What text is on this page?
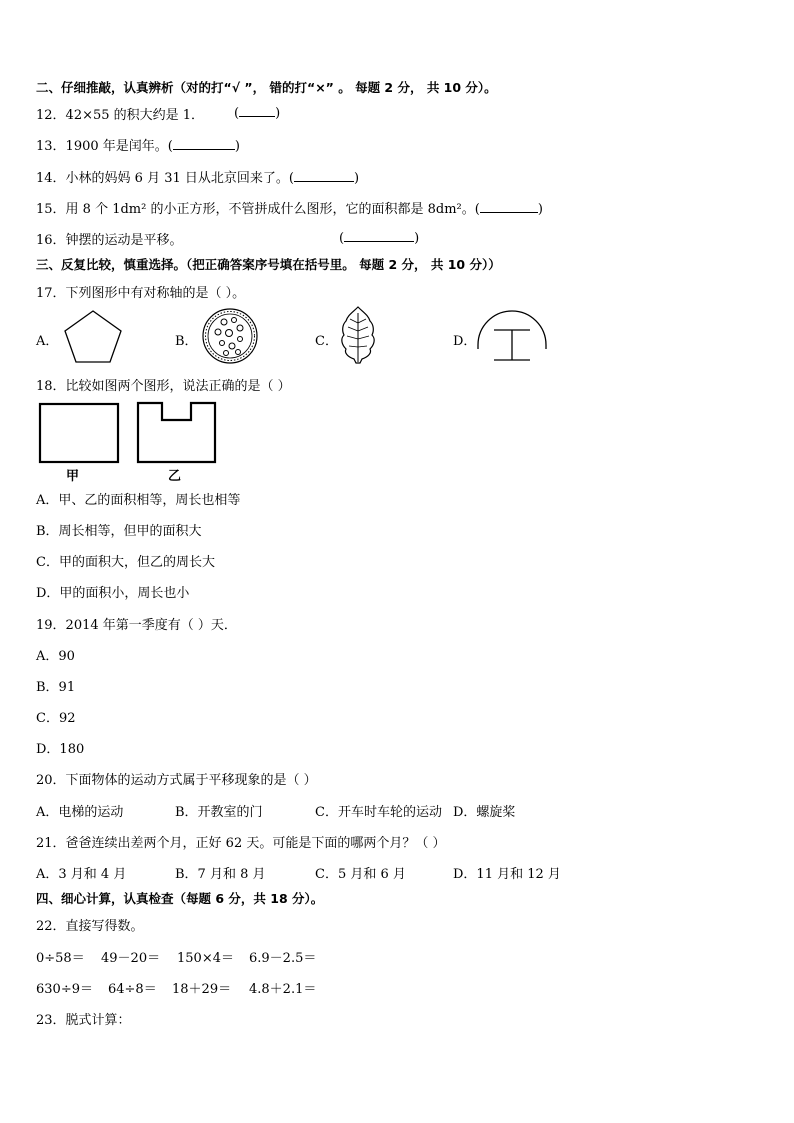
二、仔细推敲，认真辨析（对的打“√ ”， 错的打“×” 。 每题 2 分， 共 10 分）。
12．42×55 的积大约是 1． (	)
13．1900 年是闰年。(	)
14．小林的妈妈 6 月 31 日从北京回来了。(	)
15．用 8 个 1dm² 的小正方形，不管拼成什么图形，它的面积都是 8dm²。(	)
16．钟摆的运动是平移。	(	)
三、反复比较，慎重选择。（把正确答案序号填在括号里。 每题 2 分， 共 10 分））
17．下列图形中有对称轴的是（ ）。
A．	B．	C．	D．
18．比较如图两个图形，说法正确的是（ ）
甲	乙
A．甲、乙的面积相等，周长也相等
B．周长相等，但甲的面积大
C．甲的面积大，但乙的周长大
D．甲的面积小，周长也小
19．2014 年第一季度有（ ）天．
A．90
B．91
C．92
D．180
20．下面物体的运动方式属于平移现象的是（ ）
A．电梯的运动	B．开教室的门	C．开车时车轮的运动 D．螺旋桨
21．爸爸连续出差两个月，正好 62 天。可能是下面的哪两个月？（ ）
A．3 月和 4 月	B．7 月和 8 月	C．5 月和 6 月	D．11 月和 12 月
四、细心计算，认真检查（每题 6 分，共 18 分）。
22．直接写得数。
0÷58＝ 49－20＝ 150×4＝ 6.9－2.5＝
630÷9＝ 64÷8＝ 18＋29＝ 4.8＋2.1＝
23．脱式计算：
